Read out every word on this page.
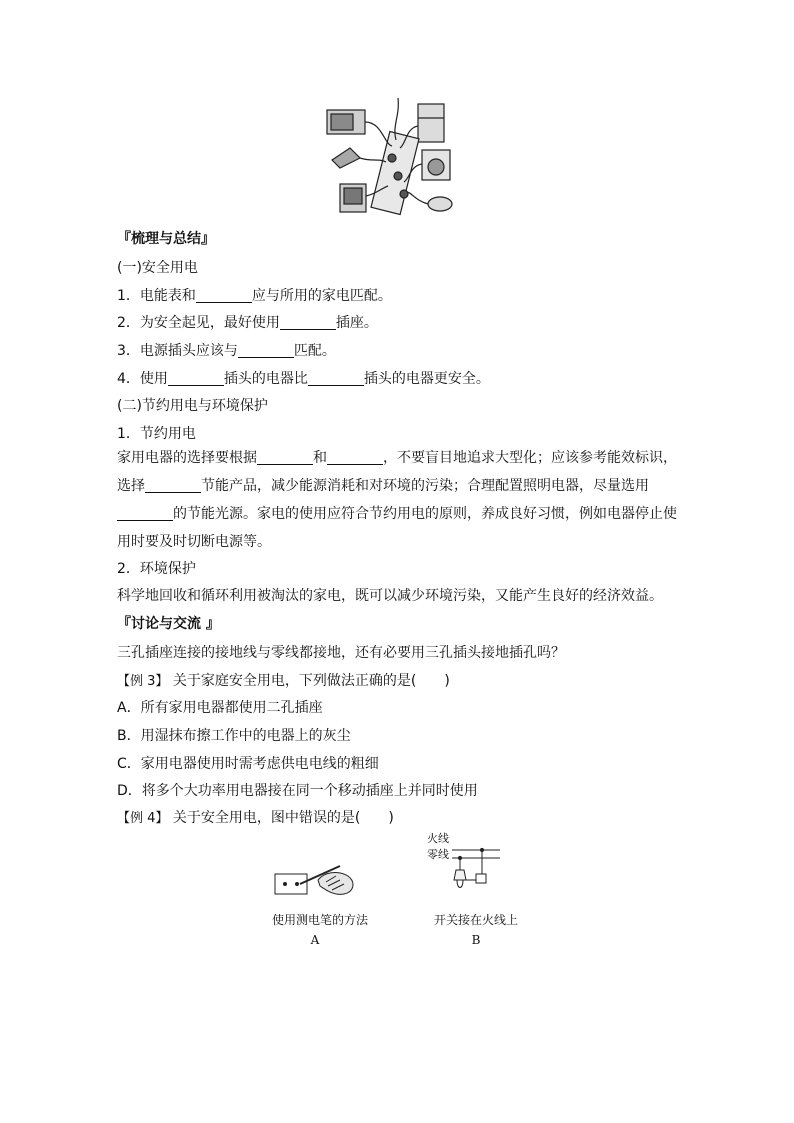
『梳理与总结』
(一)安全用电
1．电能表和	应与所用的家电匹配。
2．为安全起见，最好使用	插座。
3．电源插头应该与	匹配。
4．使用	插头的电器比	插头的电器更安全。
(二)节约用电与环境保护
1．节约用电
家用电器的选择要根据	和	，不要盲目地追求大型化；应该参考能效标识，选择	节能产品，减少能源消耗和对环境的污染；合理配置照明电器，尽量选用的节能光源。家电的使用应符合节约用电的原则，养成良好习惯，例如电器停止使用时要及时切断电源等。
2．环境保护
科学地回收和循环利用被淘汰的家电，既可以减少环境污染，又能产生良好的经济效益。
『讨论与交流 』
三孔插座连接的接地线与零线都接地，还有必要用三孔插头接地插孔吗？
【例 3】 关于家庭安全用电，下列做法正确的是(　　)
A．所有家用电器都使用二孔插座
B．用湿抹布擦工作中的电器上的灰尘
C．家用电器使用时需考虑供电电线的粗细
D．将多个大功率用电器接在同一个移动插座上并同时使用
【例 4】 关于安全用电，图中错误的是(　　)
使用测电笔的方法
A
火线
零线
开关接在火线上
B
